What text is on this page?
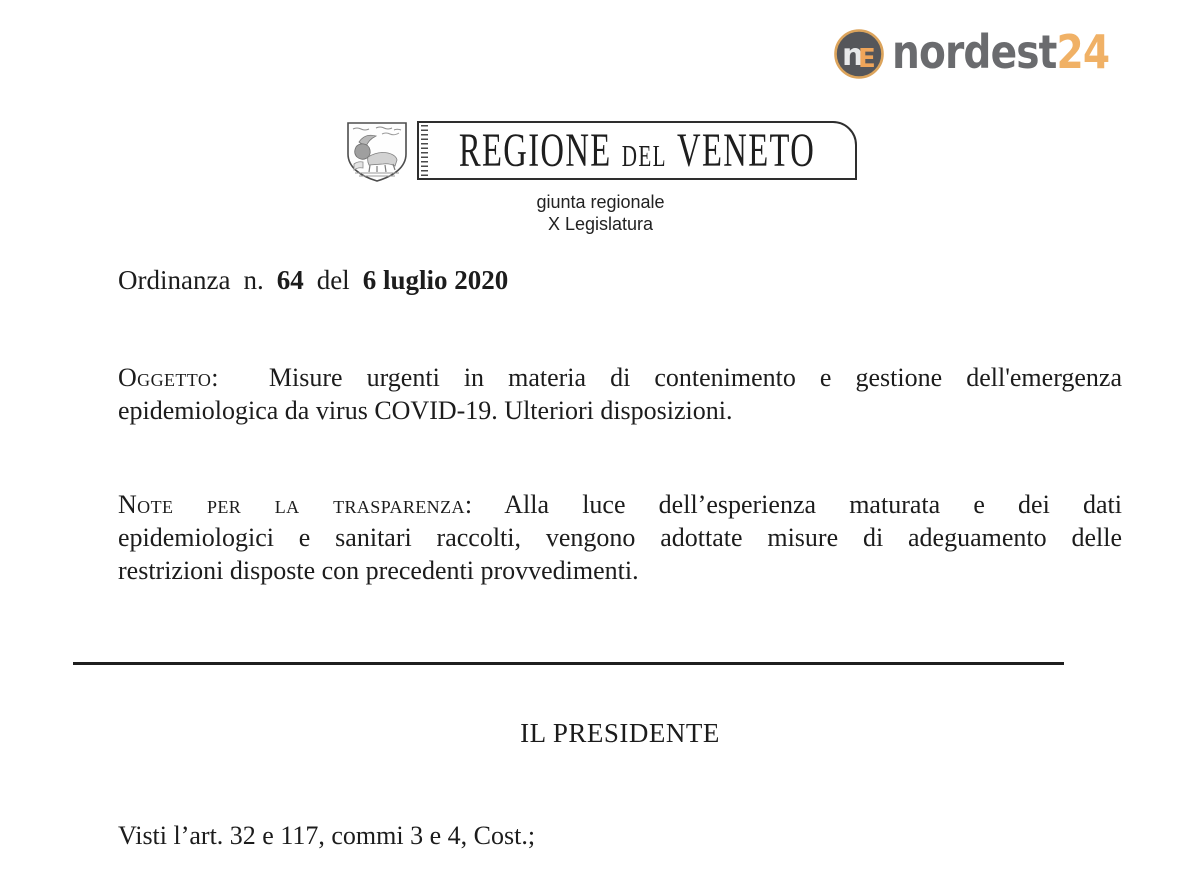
n
E nordest24
REGIONE DEL VENETO
giunta regionale
X Legislatura
Ordinanza n. 64 del 6 luglio 2020
Oggetto: Misure urgenti in materia di contenimento e gestione dell'emergenza
epidemiologica da virus COVID-19. Ulteriori disposizioni.
Note per la trasparenza: Alla luce dell’esperienza maturata e dei dati
epidemiologici e sanitari raccolti, vengono adottate misure di adeguamento delle
restrizioni disposte con precedenti provvedimenti.
IL PRESIDENTE
Visti l’art. 32 e 117, commi 3 e 4, Cost.;
